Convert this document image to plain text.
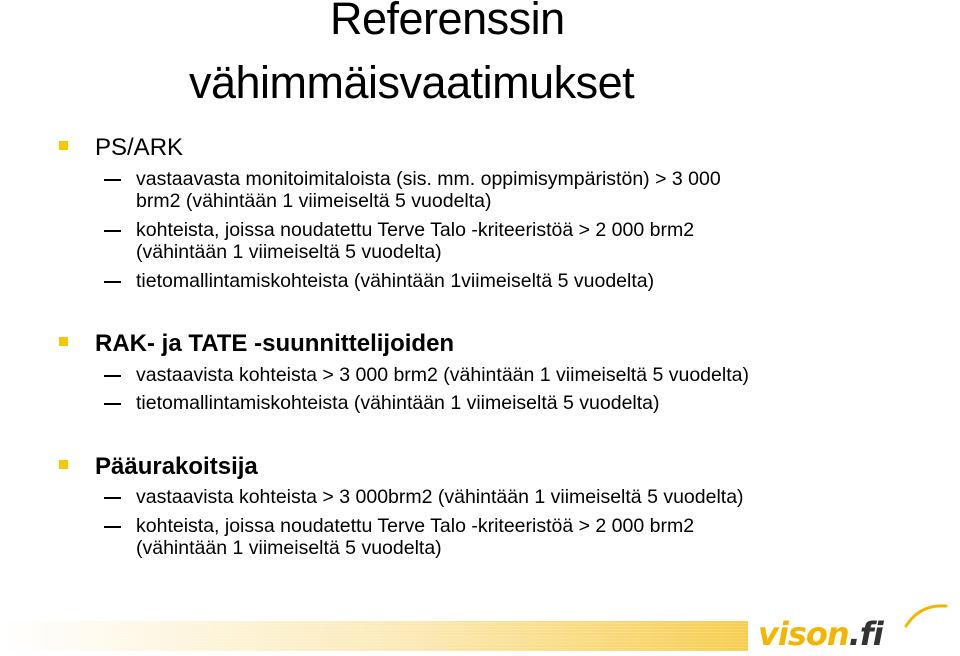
Referenssin
vähimmäisvaatimukset
PS/ARK
vastaavasta monitoimitaloista (sis. mm. oppimisympäristön) > 3 000
brm2 (vähintään 1 viimeiseltä 5 vuodelta)
kohteista, joissa noudatettu Terve Talo -kriteeristöä > 2 000 brm2
(vähintään 1 viimeiseltä 5 vuodelta)
tietomallintamiskohteista (vähintään 1viimeiseltä 5 vuodelta)
RAK- ja TATE -suunnittelijoiden
vastaavista kohteista > 3 000 brm2 (vähintään 1 viimeiseltä 5 vuodelta)
tietomallintamiskohteista (vähintään 1 viimeiseltä 5 vuodelta)
Pääurakoitsija
vastaavista kohteista > 3 000brm2 (vähintään 1 viimeiseltä 5 vuodelta)
kohteista, joissa noudatettu Terve Talo -kriteeristöä > 2 000 brm2
(vähintään 1 viimeiseltä 5 vuodelta)
vison.fi
